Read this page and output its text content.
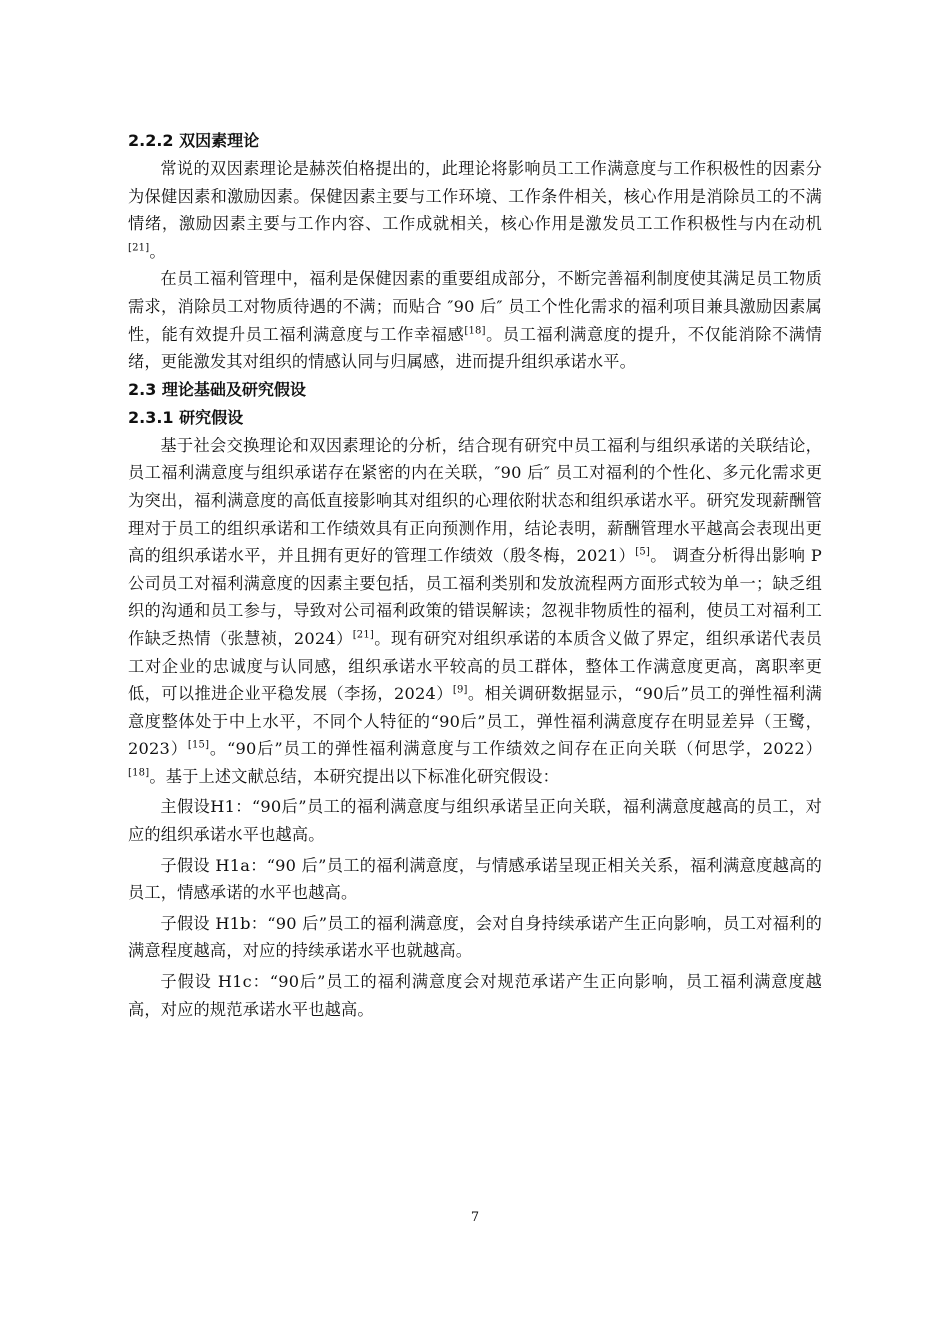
2.2.2 双因素理论

常说的双因素理论是赫茨伯格提出的，此理论将影响员工工作满意度与工作积极性的因素分为保健因素和激励因素。保健因素主要与工作环境、工作条件相关，核心作用是消除员工的不满情绪，激励因素主要与工作内容、工作成就相关，核心作用是激发员工工作积极性与内在动机[21]。

在员工福利管理中，福利是保健因素的重要组成部分，不断完善福利制度使其满足员工物质需求，消除员工对物质待遇的不满；而贴合 ″90 后″ 员工个性化需求的福利项目兼具激励因素属性，能有效提升员工福利满意度与工作幸福感[18]。员工福利满意度的提升，不仅能消除不满情绪，更能激发其对组织的情感认同与归属感，进而提升组织承诺水平。

2.3 理论基础及研究假设
2.3.1 研究假设

基于社会交换理论和双因素理论的分析，结合现有研究中员工福利与组织承诺的关联结论，员工福利满意度与组织承诺存在紧密的内在关联，″90 后″ 员工对福利的个性化、多元化需求更为突出，福利满意度的高低直接影响其对组织的心理依附状态和组织承诺水平。研究发现薪酬管理对于员工的组织承诺和工作绩效具有正向预测作用，结论表明，薪酬管理水平越高会表现出更高的组织承诺水平，并且拥有更好的管理工作绩效（殷冬梅，2021）[5]。 调查分析得出影响 P 公司员工对福利满意度的因素主要包括，员工福利类别和发放流程两方面形式较为单一；缺乏组织的沟通和员工参与，导致对公司福利政策的错误解读；忽视非物质性的福利，使员工对福利工作缺乏热情（张慧祯，2024）[21]。现有研究对组织承诺的本质含义做了界定，组织承诺代表员工对企业的忠诚度与认同感，组织承诺水平较高的员工群体，整体工作满意度更高，离职率更低，可以推进企业平稳发展（李扬，2024）[9]。相关调研数据显示，“90后”员工的弹性福利满意度整体处于中上水平，不同个人特征的“90后”员工，弹性福利满意度存在明显差异（王鹭，2023）[15]。“90后”员工的弹性福利满意度与工作绩效之间存在正向关联（何思学，2022）[18]。基于上述文献总结，本研究提出以下标准化研究假设：

主假设H1：“90后”员工的福利满意度与组织承诺呈正向关联，福利满意度越高的员工，对应的组织承诺水平也越高。

子假设 H1a：“90 后”员工的福利满意度，与情感承诺呈现正相关关系，福利满意度越高的员工，情感承诺的水平也越高。

子假设 H1b：“90 后”员工的福利满意度，会对自身持续承诺产生正向影响，员工对福利的满意程度越高，对应的持续承诺水平也就越高。

子假设 H1c：“90后”员工的福利满意度会对规范承诺产生正向影响，员工福利满意度越高，对应的规范承诺水平也越高。

7
